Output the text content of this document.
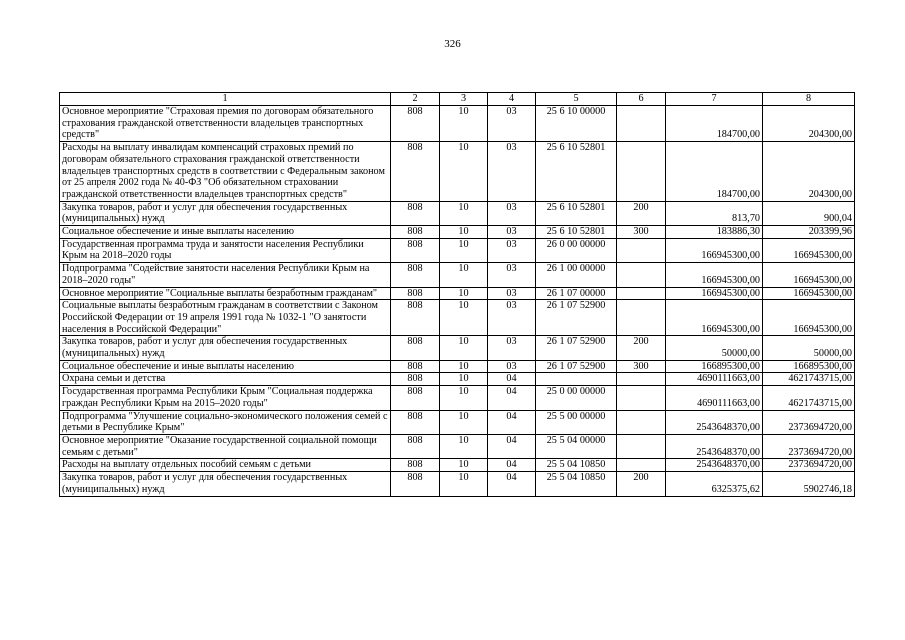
326
1	2	3	4	5	6	7	8
Основное мероприятие "Страховая премия по договорам обязательного страхования гражданской ответственности владельцев транспортных средств"	808	10	03	25 6 10 00000		184700,00	204300,00
Расходы на выплату инвалидам компенсаций страховых премий по договорам обязательного страхования гражданской ответственности владельцев транспортных средств в соответствии с Федеральным законом от 25 апреля 2002 года № 40-ФЗ "Об обязательном страховании гражданской ответственности владельцев транспортных средств"	808	10	03	25 6 10 52801		184700,00	204300,00
Закупка товаров, работ и услуг для обеспечения государственных (муниципальных) нужд	808	10	03	25 6 10 52801	200	813,70	900,04
Социальное обеспечение и иные выплаты населению	808	10	03	25 6 10 52801	300	183886,30	203399,96
Государственная программа труда и занятости населения Республики Крым на 2018–2020 годы	808	10	03	26 0 00 00000		166945300,00	166945300,00
Подпрограмма "Содействие занятости населения Республики Крым на 2018–2020 годы"	808	10	03	26 1 00 00000		166945300,00	166945300,00
Основное мероприятие "Социальные выплаты безработным гражданам"	808	10	03	26 1 07 00000		166945300,00	166945300,00
Социальные выплаты безработным гражданам в соответствии с Законом Российской Федерации от 19 апреля 1991 года № 1032-1 "О занятости населения в Российской Федерации"	808	10	03	26 1 07 52900		166945300,00	166945300,00
Закупка товаров, работ и услуг для обеспечения государственных (муниципальных) нужд	808	10	03	26 1 07 52900	200	50000,00	50000,00
Социальное обеспечение и иные выплаты населению	808	10	03	26 1 07 52900	300	166895300,00	166895300,00
Охрана семьи и детства	808	10	04			4690111663,00	4621743715,00
Государственная программа Республики Крым "Социальная поддержка граждан Республики Крым на 2015–2020 годы"	808	10	04	25 0 00 00000		4690111663,00	4621743715,00
Подпрограмма "Улучшение социально-экономического положения семей с детьми в Республике Крым"	808	10	04	25 5 00 00000		2543648370,00	2373694720,00
Основное мероприятие "Оказание государственной социальной помощи семьям с детьми"	808	10	04	25 5 04 00000		2543648370,00	2373694720,00
Расходы на выплату отдельных пособий семьям с детьми	808	10	04	25 5 04 10850		2543648370,00	2373694720,00
Закупка товаров, работ и услуг для обеспечения государственных (муниципальных) нужд	808	10	04	25 5 04 10850	200	6325375,62	5902746,18
